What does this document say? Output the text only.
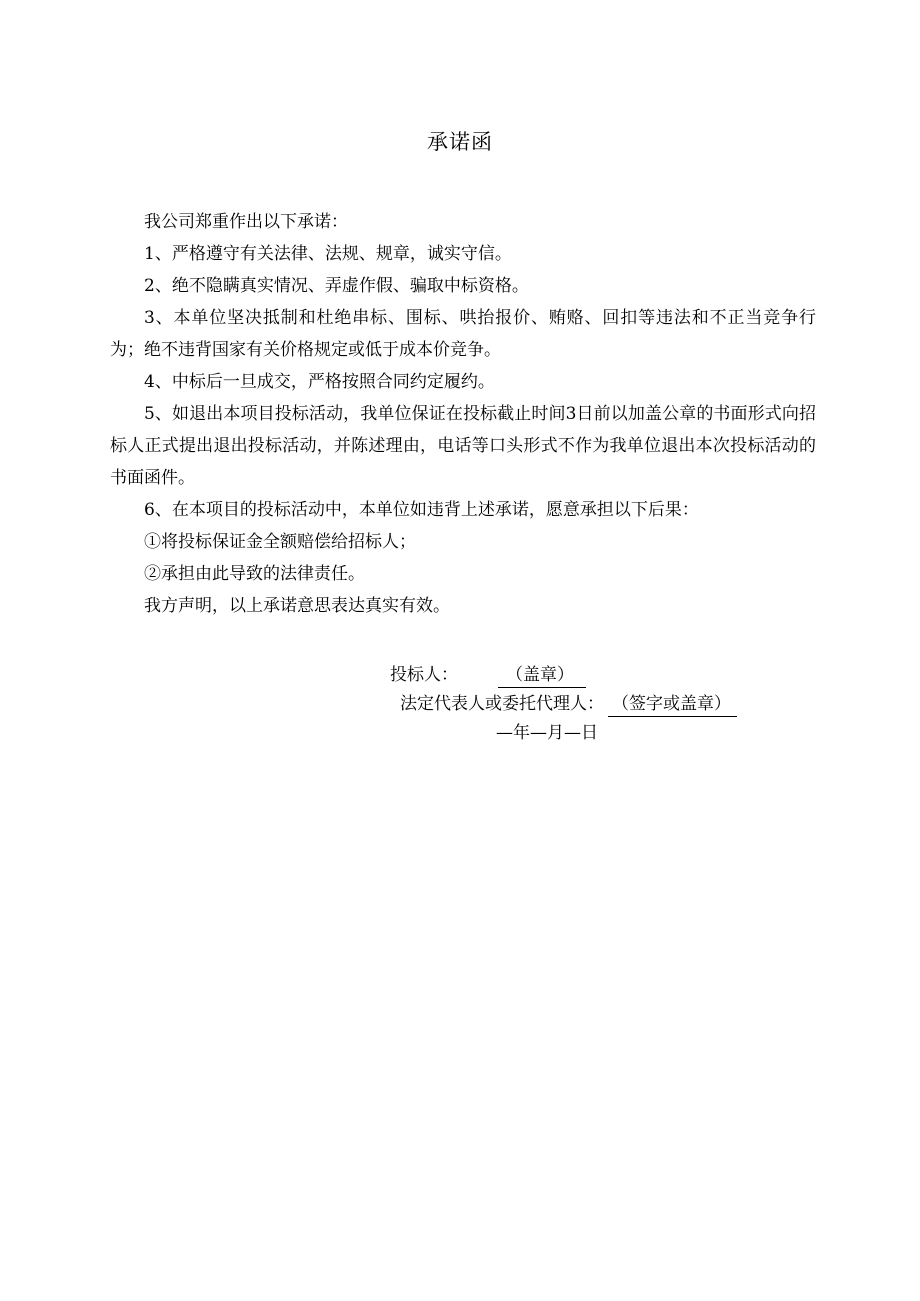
承诺函

我公司郑重作出以下承诺：

1、严格遵守有关法律、法规、规章，诚实守信。

2、绝不隐瞒真实情况、弄虚作假、骗取中标资格。

3、本单位坚决抵制和杜绝串标、围标、哄抬报价、贿赂、回扣等违法和不正当竞争行为；绝不违背国家有关价格规定或低于成本价竞争。

4、中标后一旦成交，严格按照合同约定履约。

5、如退出本项目投标活动，我单位保证在投标截止时间3日前以加盖公章的书面形式向招标人正式提出退出投标活动，并陈述理由，电话等口头形式不作为我单位退出本次投标活动的书面函件。

6、在本项目的投标活动中，本单位如违背上述承诺，愿意承担以下后果：

①将投标保证金全额赔偿给招标人；

②承担由此导致的法律责任。

我方声明，以上承诺意思表达真实有效。

投标人：	（盖章）
法定代表人或委托代理人： （签字或盖章）
—年—月—日
